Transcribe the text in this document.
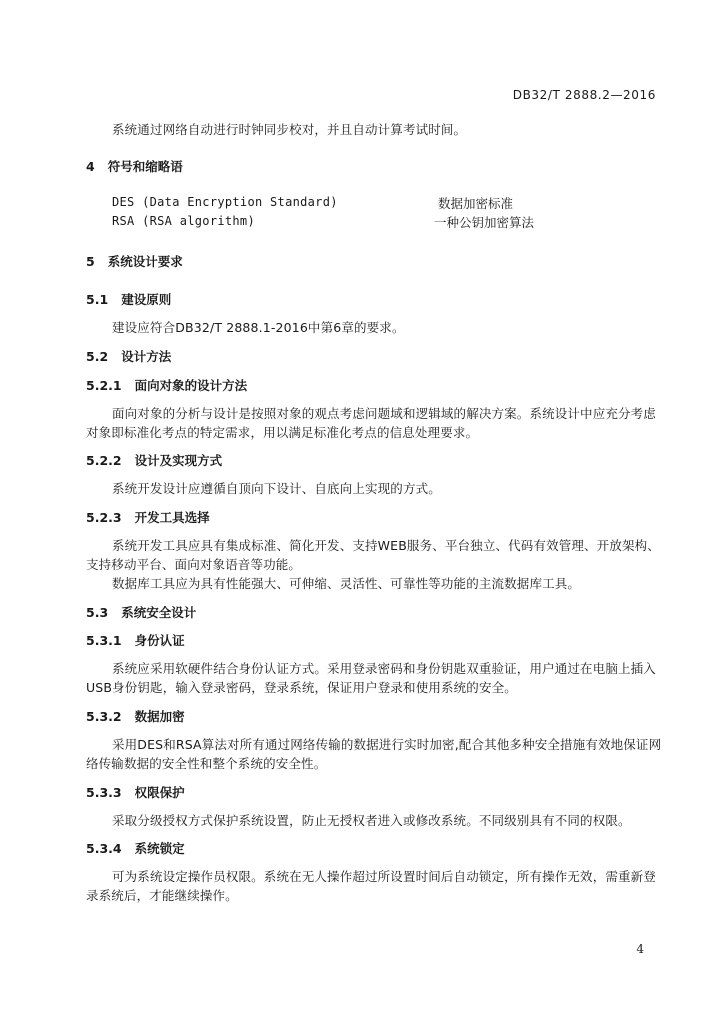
DB32/T 2888.2—2016
系统通过网络自动进行时钟同步校对，并且自动计算考试时间。
4 符号和缩略语
DES (Data Encryption Standard)	数据加密标准
RSA (RSA algorithm)	一种公钥加密算法
5 系统设计要求
5.1 建设原则
建设应符合DB32/T 2888.1-2016中第6章的要求。
5.2 设计方法
5.2.1 面向对象的设计方法
面向对象的分析与设计是按照对象的观点考虑问题域和逻辑域的解决方案。系统设计中应充分考虑
对象即标准化考点的特定需求，用以满足标准化考点的信息处理要求。
5.2.2 设计及实现方式
系统开发设计应遵循自顶向下设计、自底向上实现的方式。
5.2.3 开发工具选择
系统开发工具应具有集成标准、简化开发、支持WEB服务、平台独立、代码有效管理、开放架构、
支持移动平台、面向对象语音等功能。
数据库工具应为具有性能强大、可伸缩、灵活性、可靠性等功能的主流数据库工具。
5.3 系统安全设计
5.3.1 身份认证
系统应采用软硬件结合身份认证方式。采用登录密码和身份钥匙双重验证，用户通过在电脑上插入
USB身份钥匙，输入登录密码，登录系统，保证用户登录和使用系统的安全。
5.3.2 数据加密
采用DES和RSA算法对所有通过网络传输的数据进行实时加密,配合其他多种安全措施有效地保证网
络传输数据的安全性和整个系统的安全性。
5.3.3 权限保护
采取分级授权方式保护系统设置，防止无授权者进入或修改系统。不同级别具有不同的权限。
5.3.4 系统锁定
可为系统设定操作员权限。系统在无人操作超过所设置时间后自动锁定，所有操作无效，需重新登
录系统后，才能继续操作。
4
